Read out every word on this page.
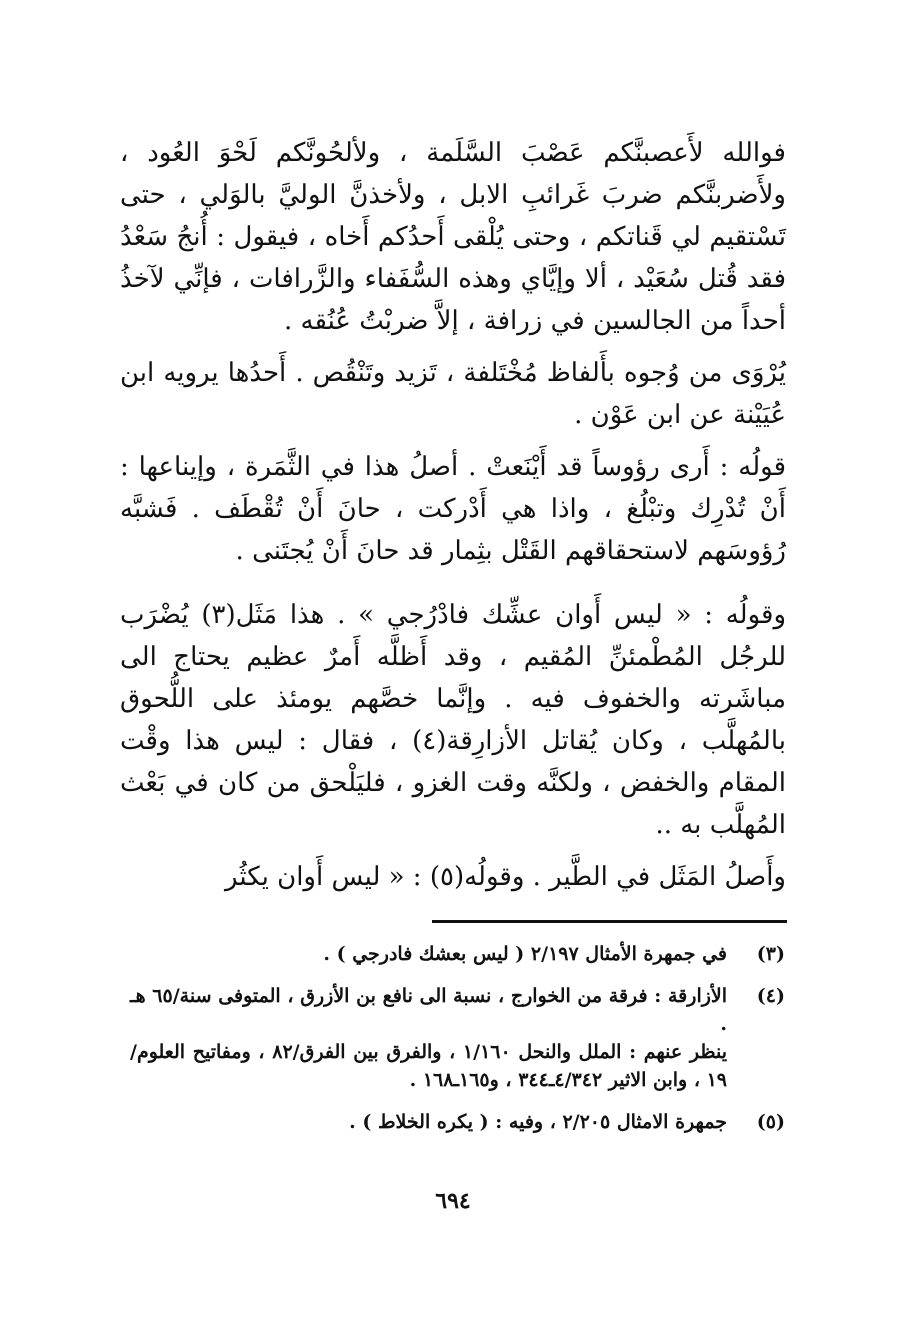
فوالله لأَعصبنَّكم عَصْبَ السَّلَمة ، ولألحُونَّكم لَحْوَ العُود ، ولأَضربنَّكم ضربَ غَرائبِ الابل ، ولأخذنَّ الوليَّ بالوَلي ، حتى تَسْتقيم لي قَناتكم ، وحتى يُلْقى أَحدُكم أَخاه ، فيقول : أُنجُ سَعْدُ فقد قُتل سُعَيْد ، ألا وإيَّاي وهذه السُّفَفاء والزَّرافات ، فإنِّي لآخذُ أحداً من الجالسين في زرافة ، إلاَّ ضربْتُ عُنُقه .

يُرْوَى من وُجوه بأَلفاظ مُخْتَلفة ، تَزيد وتَنْقُص . أَحدُها يرويه ابن عُيَيْنة عن ابن عَوْن .

قولُه : أَرى رؤوساً قد أَيْنَعتْ . أصلُ هذا في الثَّمَرة ، وإيناعها : أَنْ تُدْرِك وتبْلُغ ، واذا هي أَدْركت ، حانَ أَنْ تُقْطَف . فَشبَّه رُؤوسَهم لاستحقاقهم القَتْل بثِمار قد حانَ أَنْ يُجتَنى .

وقولُه : « ليس أَوان عشِّك فادْرُجي » . هذا مَثَل(٣) يُضْرَب للرجُل المُطْمئنِّ المُقيم ، وقد أَظلَّه أَمرٌ عظيم يحتاج الى مباشَرته والخفوف فيه . وإنَّما خصَّهم يومئذ على اللُّحوق بالمُهلَّب ، وكان يُقاتل الأزارِقة(٤) ، فقال : ليس هذا وقْت المقام والخفض ، ولكنَّه وقت الغزو ، فليَلْحق من كان في بَعْث المُهلَّب به ..

وأَصلُ المَثَل في الطَّير . وقولُه(٥) : « ليس أَوان يكثُر

(٣)
في جمهرة الأمثال ٢/١٩٧ ( ليس بعشك فادرجي ) .
(٤)
الأزارقة : فرقة من الخوارج ، نسبة الى نافع بن الأزرق ، المتوفى سنة/٦٥ هـ .
ينظر عنهم : الملل والنحل ١/١٦٠ ، والفرق بين الفرق/٨٢ ، ومفاتيح العلوم/١٩ ، وابن الاثير ٤/٣٤٢ـ٣٤٤ ، و١٦٥ـ١٦٨ .
(٥)
جمهرة الامثال ٢/٢٠٥ ، وفيه : ( يكره الخلاط ) .
٦٩٤
